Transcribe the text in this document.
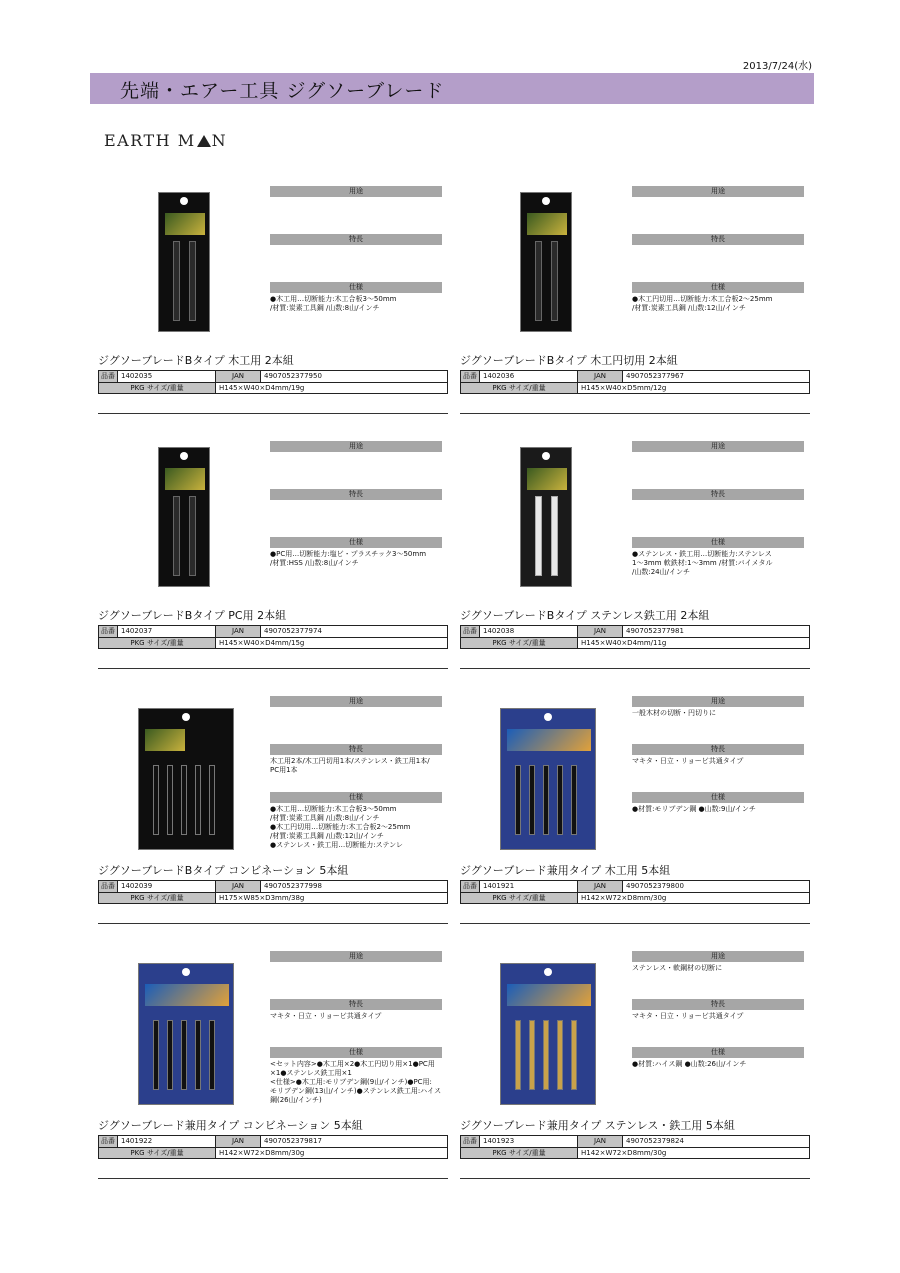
2013/7/24(水)
先端・エアー工具 ジグソーブレード
EARTH M N
用途
特長
仕様
●木工用…切断能力:木工合板3〜50mm
/材質:炭素工具鋼 /山数:8山/インチ
ジグソーブレードBタイプ 木工用 2本組
品番 1402035	JAN	4907052377950
PKG サイズ/重量	H145×W40×D4mm/19g
用途
特長
仕様
●木工円切用…切断能力:木工合板2〜25mm
/材質:炭素工具鋼 /山数:12山/インチ
ジグソーブレードBタイプ 木工円切用 2本組
品番 1402036	JAN	4907052377967
PKG サイズ/重量	H145×W40×D5mm/12g
用途
特長
仕様
●PC用…切断能力:塩ビ・プラスチック3〜50mm
/材質:HSS /山数:8山/インチ
ジグソーブレードBタイプ PC用 2本組
品番 1402037	JAN	4907052377974
PKG サイズ/重量	H145×W40×D4mm/15g
用途
特長
仕様
●ステンレス・鉄工用…切断能力:ステンレス
1〜3mm 軟鉄材:1〜3mm /材質:バイメタル
/山数:24山/インチ
ジグソーブレードBタイプ ステンレス鉄工用 2本組
品番 1402038	JAN	4907052377981
PKG サイズ/重量	H145×W40×D4mm/11g
用途
特長
木工用2本/木工円切用1本/ステンレス・鉄工用1本/
PC用1本
仕様
●木工用…切断能力:木工合板3〜50mm
/材質:炭素工具鋼 /山数:8山/インチ
●木工円切用…切断能力:木工合板2〜25mm
/材質:炭素工具鋼 /山数:12山/インチ
●ステンレス・鉄工用…切断能力:ステンレ
ジグソーブレードBタイプ コンビネーション 5本組
品番 1402039	JAN	4907052377998
PKG サイズ/重量	H175×W85×D3mm/38g
用途
一般木材の切断・円切りに
特長
マキタ・日立・リョービ共通タイプ
仕様
●材質:モリブデン鋼 ●山数:9山/インチ
ジグソーブレード兼用タイプ 木工用 5本組
品番 1401921	JAN	4907052379800
PKG サイズ/重量	H142×W72×D8mm/30g
用途
特長
マキタ・日立・リョービ共通タイプ
仕様
<セット内容>●木工用×2●木工円切り用×1●PC用
×1●ステンレス鉄工用×1
<仕様>●木工用:モリブデン鋼(9山/インチ)●PC用:
モリブデン鋼(13山/インチ)●ステンレス鉄工用:ハイス
鋼(26山/インチ)
ジグソーブレード兼用タイプ コンビネーション 5本組
品番 1401922	JAN	4907052379817
PKG サイズ/重量	H142×W72×D8mm/30g
用途
ステンレス・軟鋼材の切断に
特長
マキタ・日立・リョービ共通タイプ
仕様
●材質:ハイス鋼 ●山数:26山/インチ
ジグソーブレード兼用タイプ ステンレス・鉄工用 5本組
品番 1401923	JAN	4907052379824
PKG サイズ/重量	H142×W72×D8mm/30g
